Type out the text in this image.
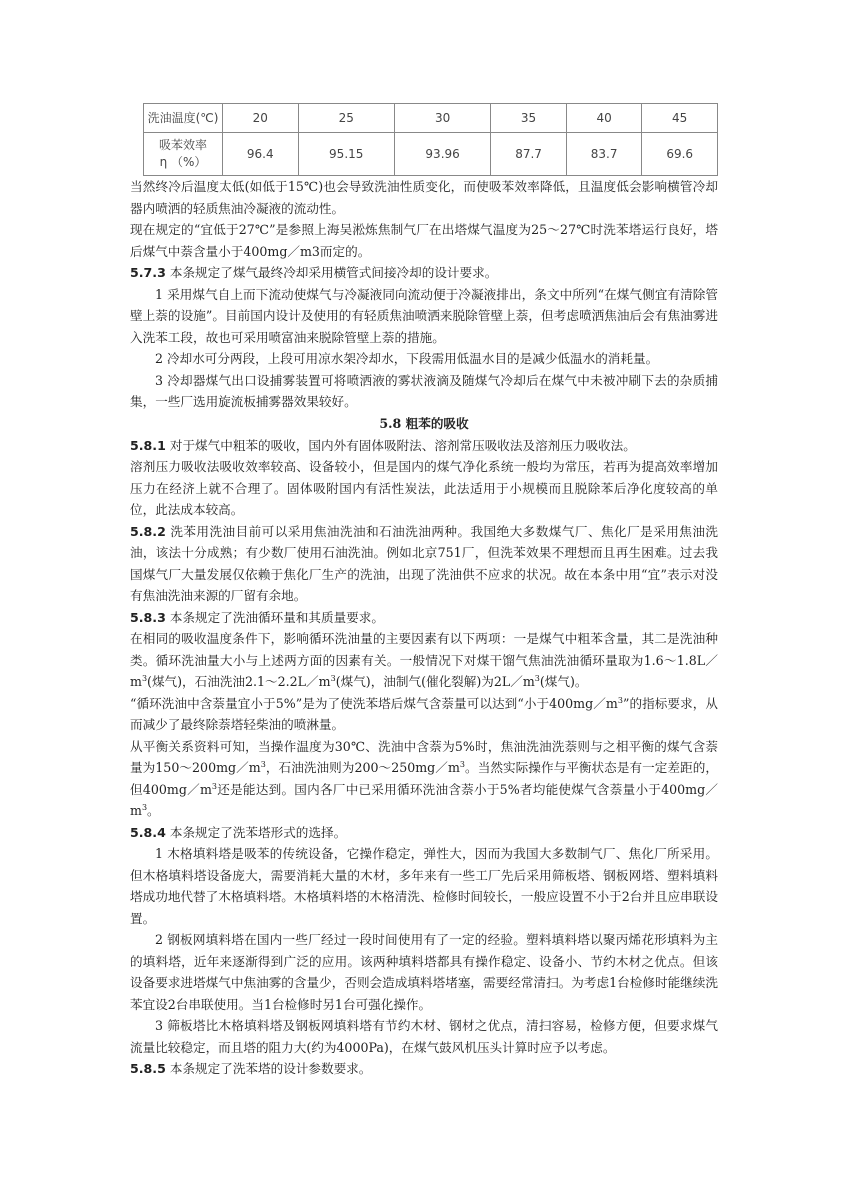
洗油温度(℃)	20	25	30	35	40	45

吸苯效率
η （%）	96.4	95.15	93.96	87.7	83.7	69.6

当然终冷后温度太低(如低于15℃)也会导致洗油性质变化，而使吸苯效率降低，且温度低会影响横管冷却器内喷洒的轻质焦油冷凝液的流动性。

现在规定的“宜低于27℃”是参照上海吴淞炼焦制气厂在出塔煤气温度为25～27℃时洗苯塔运行良好，塔后煤气中萘含量小于400mg／m3而定的。

5.7.3 本条规定了煤气最终冷却采用横管式间接冷却的设计要求。

1 采用煤气自上而下流动使煤气与冷凝液同向流动便于冷凝液排出，条文中所列“在煤气侧宜有清除管壁上萘的设施”。目前国内设计及使用的有轻质焦油喷洒来脱除管壁上萘，但考虑喷洒焦油后会有焦油雾进入洗苯工段，故也可采用喷富油来脱除管壁上萘的措施。

2 冷却水可分两段，上段可用凉水架冷却水，下段需用低温水目的是减少低温水的消耗量。

3 冷却器煤气出口设捕雾装置可将喷洒液的雾状液滴及随煤气冷却后在煤气中未被冲刷下去的杂质捕集，一些厂选用旋流板捕雾器效果较好。

5.8 粗苯的吸收

5.8.1 对于煤气中粗苯的吸收，国内外有固体吸附法、溶剂常压吸收法及溶剂压力吸收法。

溶剂压力吸收法吸收效率较高、设备较小，但是国内的煤气净化系统一般均为常压，若再为提高效率增加压力在经济上就不合理了。固体吸附国内有活性炭法，此法适用于小规模而且脱除苯后净化度较高的单位，此法成本较高。

5.8.2 洗苯用洗油目前可以采用焦油洗油和石油洗油两种。我国绝大多数煤气厂、焦化厂是采用焦油洗油，该法十分成熟；有少数厂使用石油洗油。例如北京751厂，但洗苯效果不理想而且再生困难。过去我国煤气厂大量发展仅依赖于焦化厂生产的洗油，出现了洗油供不应求的状况。故在本条中用“宜”表示对没有焦油洗油来源的厂留有余地。

5.8.3 本条规定了洗油循环量和其质量要求。

在相同的吸收温度条件下，影响循环洗油量的主要因素有以下两项：一是煤气中粗苯含量，其二是洗油种类。循环洗油量大小与上述两方面的因素有关。一般情况下对煤干馏气焦油洗油循环量取为$1.6\sim 1.8L/m^3$(煤气)，石油洗油$2.1\sim 2.2L/m^3$(煤气)，油制气(催化裂解)为$2L/m^3$(煤气)。

“循环洗油中含萘量宜小于5%”是为了使洗苯塔后煤气含萘量可以达到“小于$400mg/m^3$”的指标要求，从而减少了最终除萘塔轻柴油的喷淋量。

从平衡关系资料可知，当操作温度为30℃、洗油中含萘为5%时，焦油洗油洗萘则与之相平衡的煤气含萘量为$150\sim 200mg/m^3$，石油洗油则为$200\sim 250mg/m^3$。当然实际操作与平衡状态是有一定差距的，但$400mg/m^3$还是能达到。国内各厂中已采用循环洗油含萘小于5%者均能使煤气含萘量小于$400mg/m^3$。

5.8.4 本条规定了洗苯塔形式的选择。

1 木格填料塔是吸苯的传统设备，它操作稳定，弹性大，因而为我国大多数制气厂、焦化厂所采用。但木格填料塔设备庞大，需要消耗大量的木材，多年来有一些工厂先后采用筛板塔、钢板网塔、塑料填料塔成功地代替了木格填料塔。木格填料塔的木格清洗、检修时间较长，一般应设置不小于2台并且应串联设置。

2 钢板网填料塔在国内一些厂经过一段时间使用有了一定的经验。塑料填料塔以聚丙烯花形填料为主的填料塔，近年来逐渐得到广泛的应用。该两种填料塔都具有操作稳定、设备小、节约木材之优点。但该设备要求进塔煤气中焦油雾的含量少，否则会造成填料塔堵塞，需要经常清扫。为考虑1台检修时能继续洗苯宜设2台串联使用。当1台检修时另1台可强化操作。

3 筛板塔比木格填料塔及钢板网填料塔有节约木材、钢材之优点，清扫容易，检修方便，但要求煤气流量比较稳定，而且塔的阻力大(约为4000Pa)，在煤气鼓风机压头计算时应予以考虑。

5.8.5 本条规定了洗苯塔的设计参数要求。
